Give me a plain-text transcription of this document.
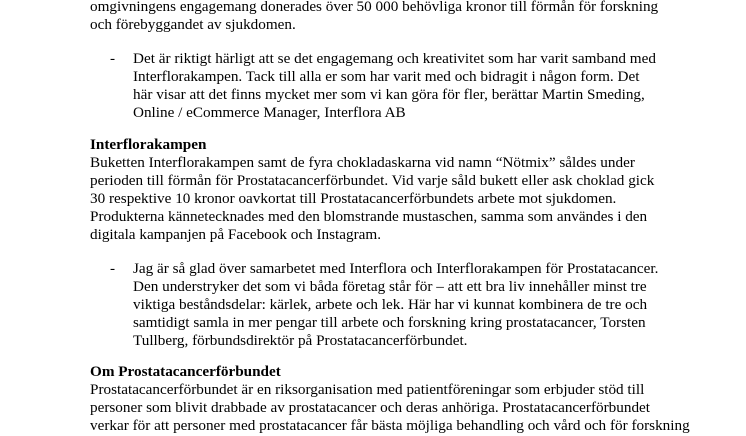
omgivningens engagemang donerades över 50 000 behövliga kronor till förmån för forskning

och förebyggandet av sjukdomen.

- Det är riktigt härligt att se det engagemang och kreativitet som har varit samband med

Interflorakampen. Tack till alla er som har varit med och bidragit i någon form. Det

här visar att det finns mycket mer som vi kan göra för fler, berättar Martin Smeding,

Online / eCommerce Manager, Interflora AB

Interflorakampen

Buketten Interflorakampen samt de fyra chokladaskarna vid namn “Nötmix” såldes under

perioden till förmån för Prostatacancerförbundet. Vid varje såld bukett eller ask choklad gick

30 respektive 10 kronor oavkortat till Prostatacancerförbundets arbete mot sjukdomen.

Produkterna kännetecknades med den blomstrande mustaschen, samma som användes i den

digitala kampanjen på Facebook och Instagram.

- Jag är så glad över samarbetet med Interflora och Interflorakampen för Prostatacancer.

Den understryker det som vi båda företag står för – att ett bra liv innehåller minst tre

viktiga beståndsdelar: kärlek, arbete och lek. Här har vi kunnat kombinera de tre och

samtidigt samla in mer pengar till arbete och forskning kring prostatacancer, Torsten

Tullberg, förbundsdirektör på Prostatacancerförbundet.

Om Prostatacancerförbundet

Prostatacancerförbundet är en riksorganisation med patientföreningar som erbjuder stöd till

personer som blivit drabbade av prostatacancer och deras anhöriga. Prostatacancerförbundet

verkar för att personer med prostatacancer får bästa möjliga behandling och vård och för forskning
